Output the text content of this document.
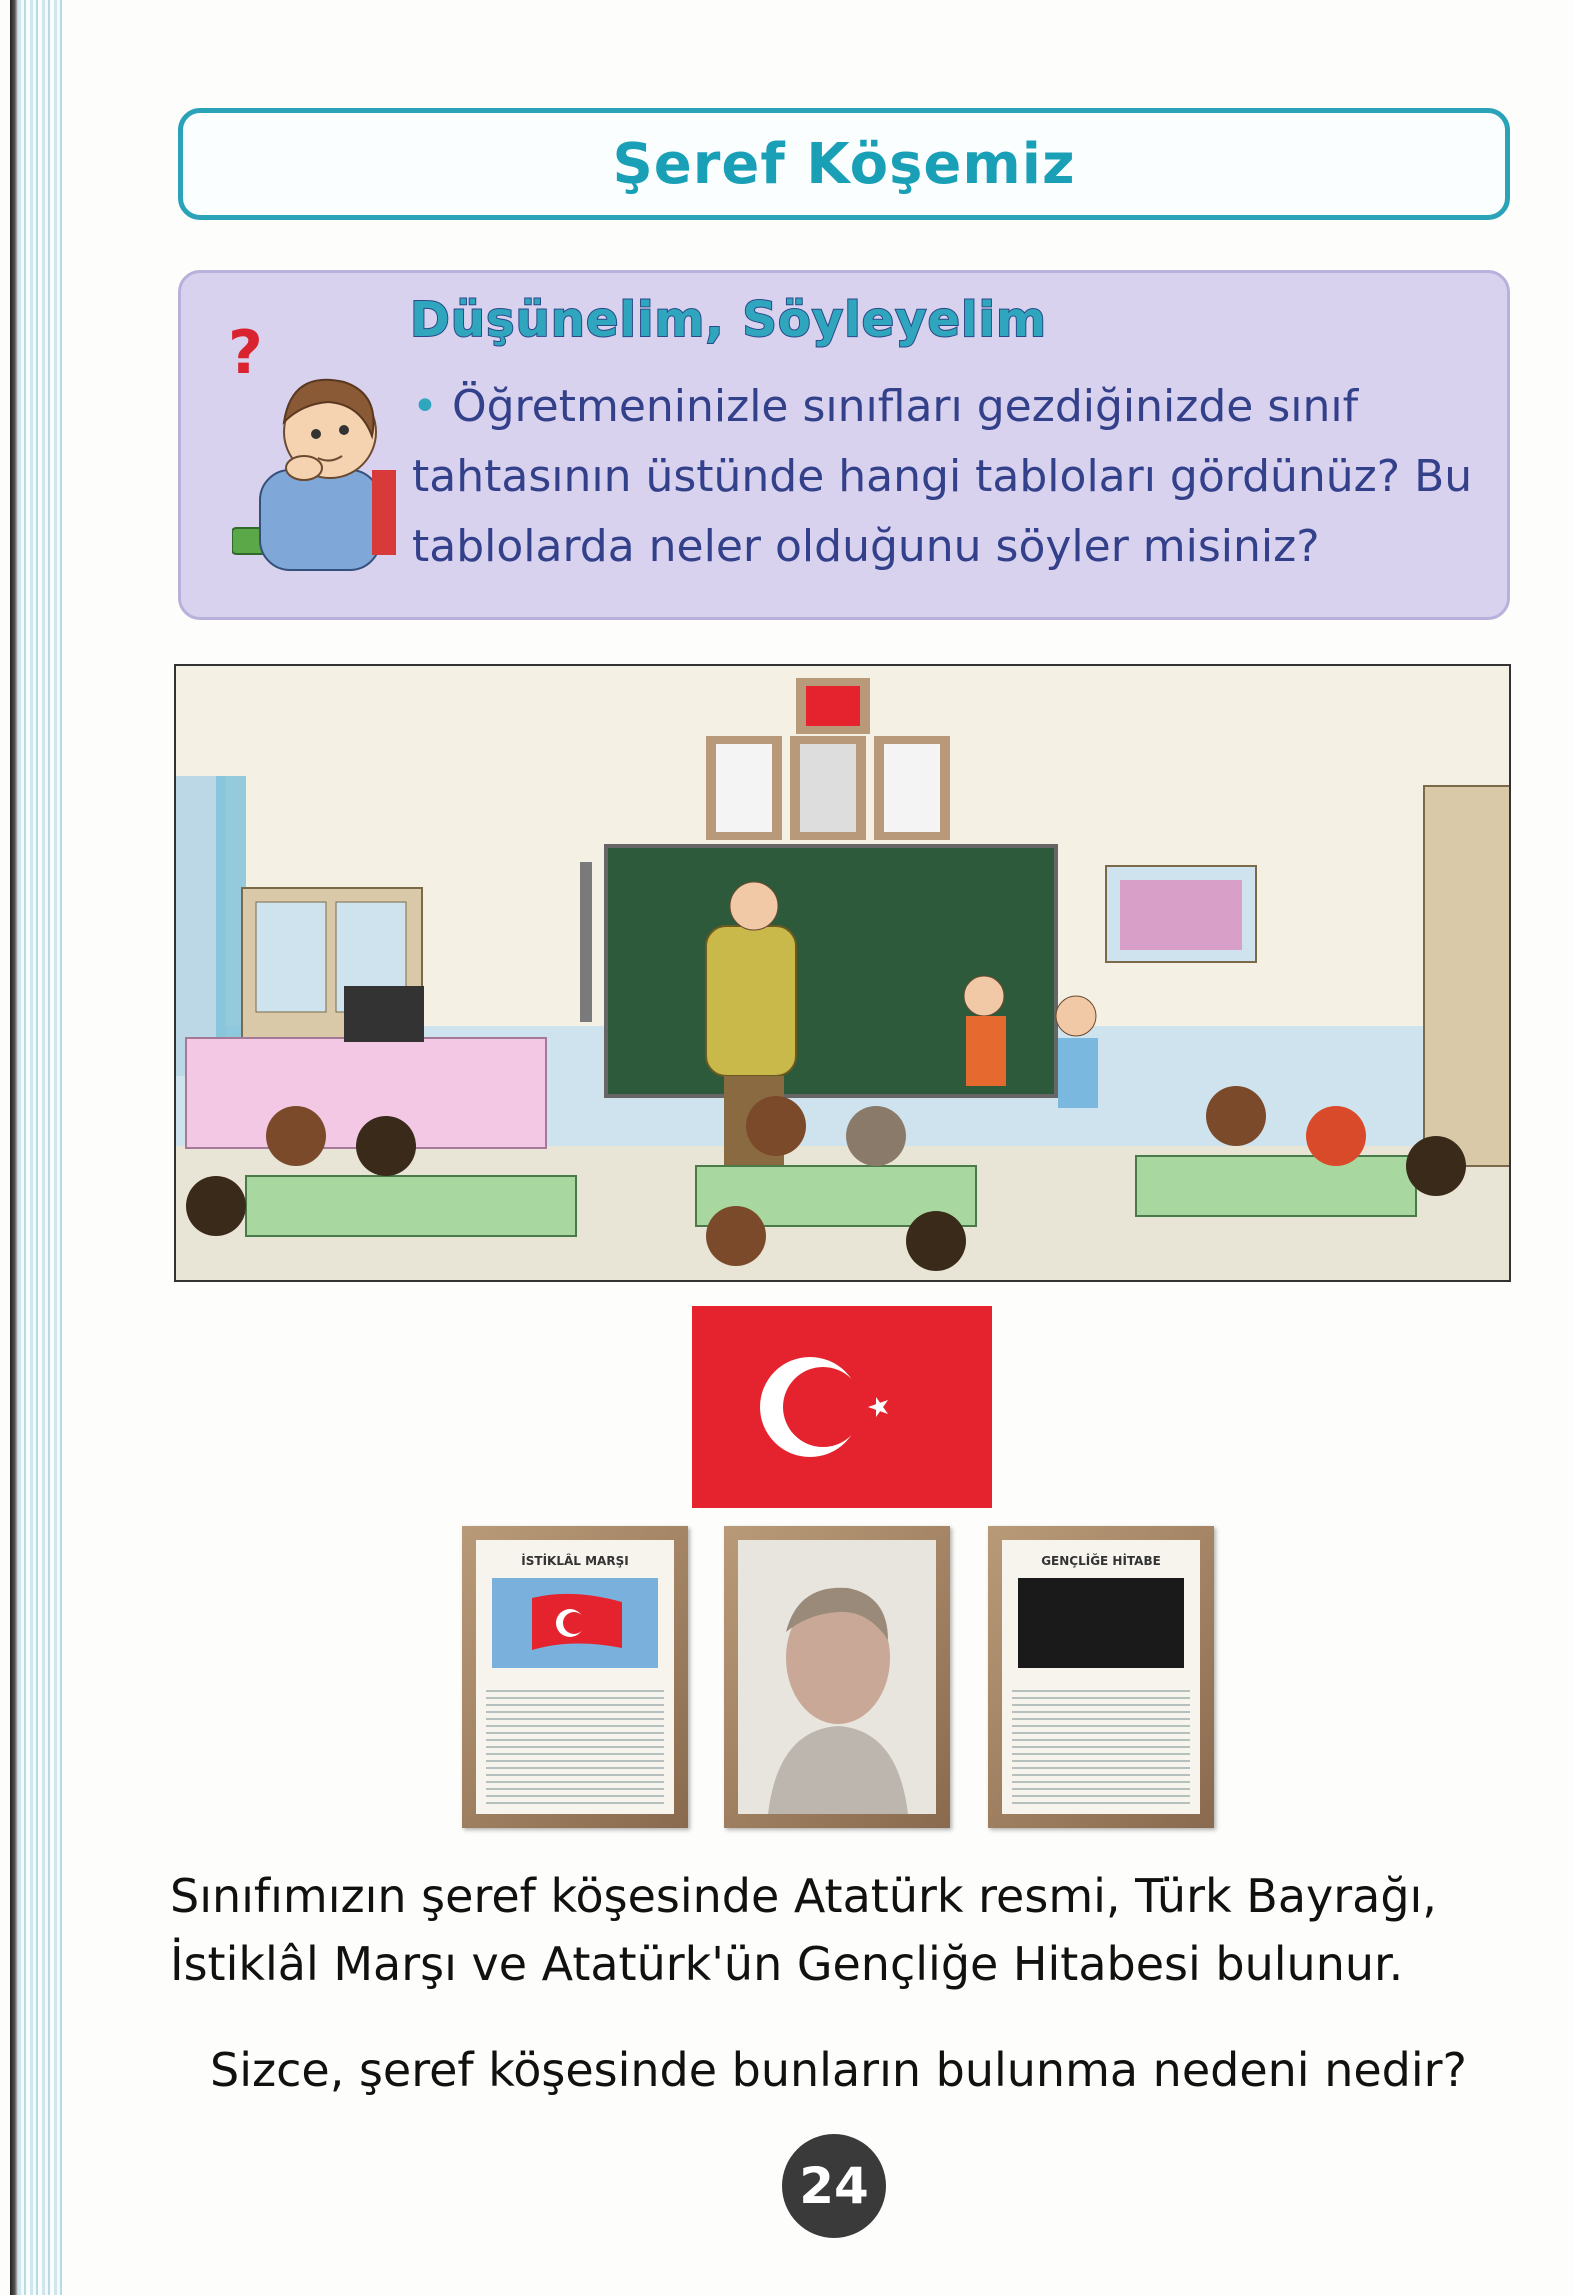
Şeref Köşemiz
?	Düşünelim, Söyleyelim
• Öğretmeninizle sınıfları gezdiğinizde sınıf tahtasının üstünde hangi tabloları gördünüz? Bu tablolarda neler olduğunu söyler misiniz?
İSTİKLÂL MARŞI	GENÇLİĞE HİTABE
Sınıfımızın şeref köşesinde Atatürk resmi, Türk Bayrağı, İstiklâl Marşı ve Atatürk'ün Gençliğe Hitabesi bulunur.
Sizce, şeref köşesinde bunların bulunma nedeni nedir?
24
